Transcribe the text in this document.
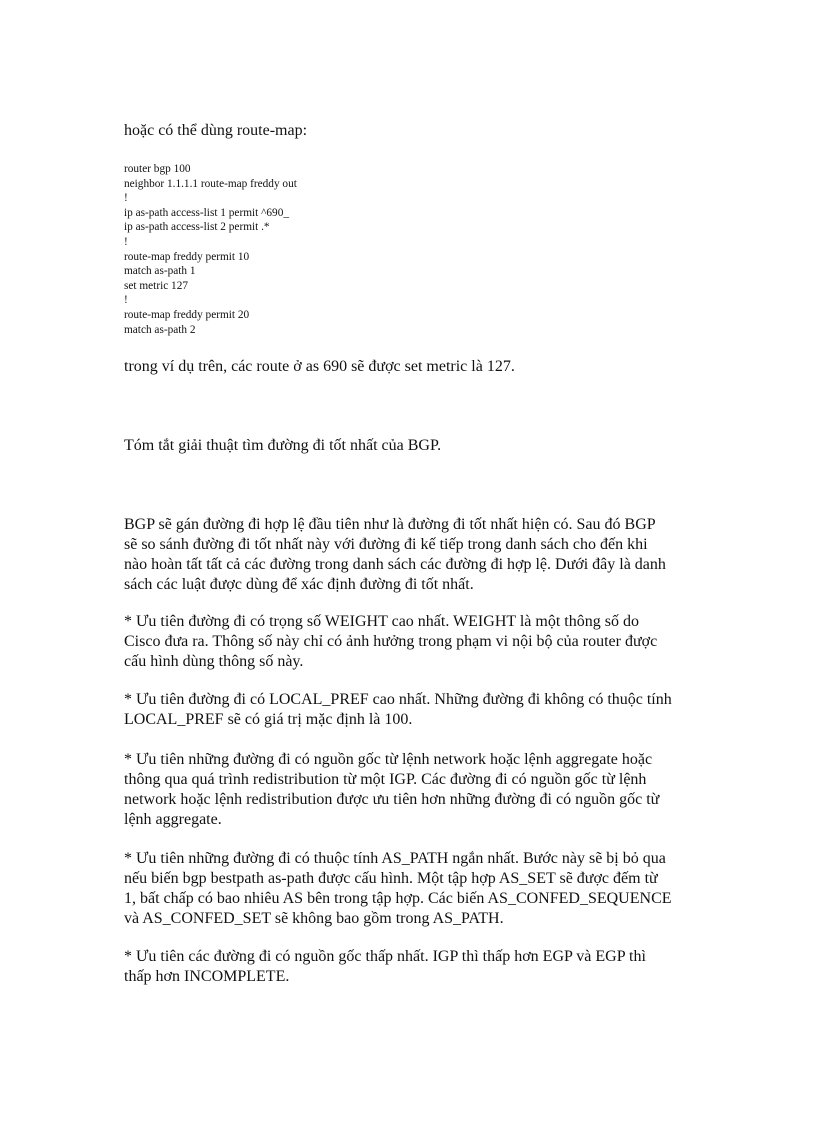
hoặc có thể dùng route-map:

router bgp 100
neighbor 1.1.1.1 route-map freddy out
!
ip as-path access-list 1 permit ^690_
ip as-path access-list 2 permit .*
!
route-map freddy permit 10
match as-path 1
set metric 127
!
route-map freddy permit 20
match as-path 2

trong ví dụ trên, các route ở as 690 sẽ được set metric là 127.

Tóm tắt giải thuật tìm đường đi tốt nhất của BGP.

BGP sẽ gán đường đi hợp lệ đầu tiên như là đường đi tốt nhất hiện có. Sau đó BGP
sẽ so sánh đường đi tốt nhất này với đường đi kế tiếp trong danh sách cho đến khi
nào hoàn tất tất cả các đường trong danh sách các đường đi hợp lệ. Dưới đây là danh
sách các luật được dùng để xác định đường đi tốt nhất.

* Ưu tiên đường đi có trọng số WEIGHT cao nhất. WEIGHT là một thông số do
Cisco đưa ra. Thông số này chỉ có ảnh hưởng trong phạm vi nội bộ của router được
cấu hình dùng thông số này.

* Ưu tiên đường đi có LOCAL_PREF cao nhất. Những đường đi không có thuộc tính
LOCAL_PREF sẽ có giá trị mặc định là 100.

* Ưu tiên những đường đi có nguồn gốc từ lệnh network hoặc lệnh aggregate hoặc
thông qua quá trình redistribution từ một IGP. Các đường đi có nguồn gốc từ lệnh
network hoặc lệnh redistribution được ưu tiên hơn những đường đi có nguồn gốc từ
lệnh aggregate.

* Ưu tiên những đường đi có thuộc tính AS_PATH ngắn nhất. Bước này sẽ bị bỏ qua
nếu biến bgp bestpath as-path được cấu hình. Một tập hợp AS_SET sẽ được đếm từ
1, bất chấp có bao nhiêu AS bên trong tập hợp. Các biến AS_CONFED_SEQUENCE
và AS_CONFED_SET sẽ không bao gồm trong AS_PATH.

* Ưu tiên các đường đi có nguồn gốc thấp nhất. IGP thì thấp hơn EGP và EGP thì
thấp hơn INCOMPLETE.
